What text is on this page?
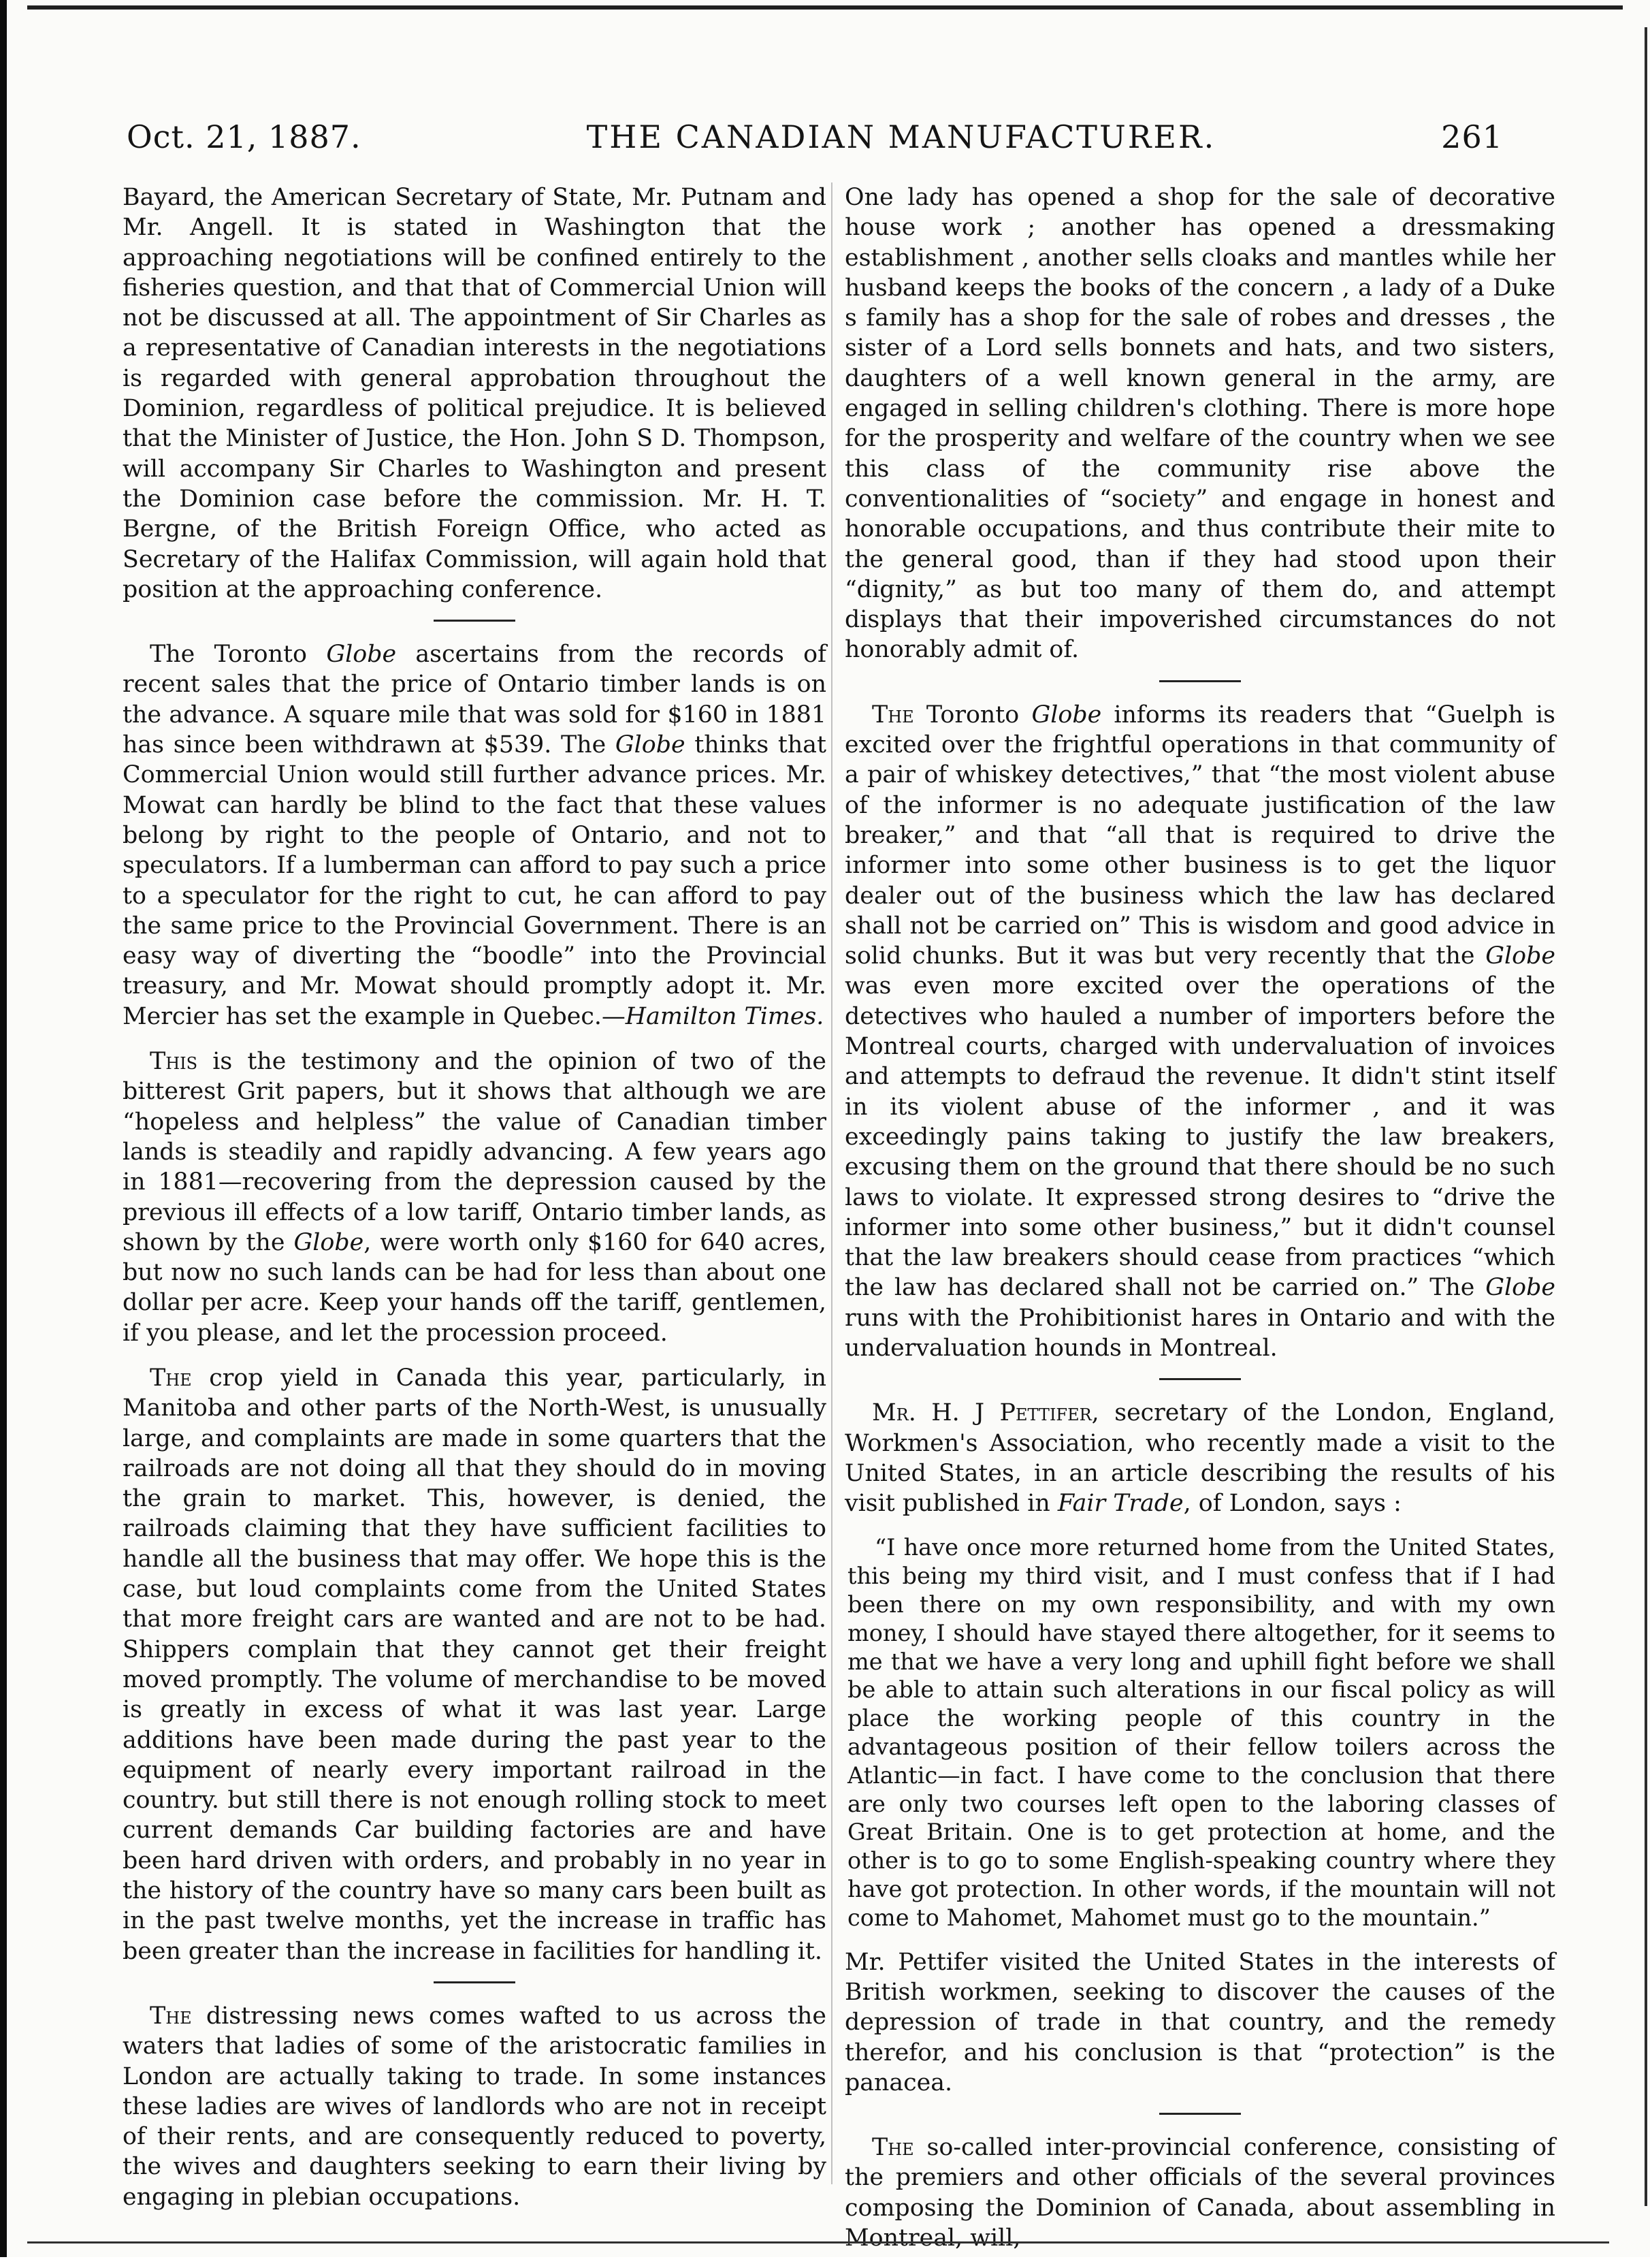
Oct. 21, 1887.	THE CANADIAN MANUFACTURER.	261

Bayard, the American Secretary of State, Mr. Putnam and Mr. Angell. It is stated in Washington that the approaching negotiations will be confined entirely to the fisheries question, and that that of Commercial Union will not be discussed at all. The appointment of Sir Charles as a representative of Canadian interests in the negotiations is regarded with general approbation throughout the Dominion, regardless of political prejudice. It is believed that the Minister of Justice, the Hon. John S D. Thompson, will accompany Sir Charles to Washington and present the Dominion case before the commission. Mr. H. T. Bergne, of the British Foreign Office, who acted as Secretary of the Halifax Commission, will again hold that position at the approaching conference.

The Toronto Globe ascertains from the records of recent sales that the price of Ontario timber lands is on the advance. A square mile that was sold for $160 in 1881 has since been withdrawn at $539. The Globe thinks that Commercial Union would still further advance prices. Mr. Mowat can hardly be blind to the fact that these values belong by right to the people of Ontario, and not to speculators. If a lumberman can afford to pay such a price to a speculator for the right to cut, he can afford to pay the same price to the Provincial Government. There is an easy way of diverting the “boodle” into the Provincial treasury, and Mr. Mowat should promptly adopt it. Mr. Mercier has set the example in Quebec.—Hamilton Times.

This is the testimony and the opinion of two of the bitterest Grit papers, but it shows that although we are “hopeless and helpless” the value of Canadian timber lands is steadily and rapidly advancing. A few years ago in 1881—recovering from the depression caused by the previous ill effects of a low tariff, Ontario timber lands, as shown by the Globe, were worth only $160 for 640 acres, but now no such lands can be had for less than about one dollar per acre. Keep your hands off the tariff, gentlemen, if you please, and let the procession proceed.

The crop yield in Canada this year, particularly, in Manitoba and other parts of the North-West, is unusually large, and complaints are made in some quarters that the railroads are not doing all that they should do in moving the grain to market. This, however, is denied, the railroads claiming that they have sufficient facilities to handle all the business that may offer. We hope this is the case, but loud complaints come from the United States that more freight cars are wanted and are not to be had. Shippers complain that they cannot get their freight moved promptly. The volume of merchandise to be moved is greatly in excess of what it was last year. Large additions have been made during the past year to the equipment of nearly every important railroad in the country. but still there is not enough rolling stock to meet current demands Car building factories are and have been hard driven with orders, and probably in no year in the history of the country have so many cars been built as in the past twelve months, yet the increase in traffic has been greater than the increase in facilities for handling it.

The distressing news comes wafted to us across the waters that ladies of some of the aristocratic families in London are actually taking to trade. In some instances these ladies are wives of landlords who are not in receipt of their rents, and are consequently reduced to poverty, the wives and daughters seeking to earn their living by engaging in plebian occupations.

One lady has opened a shop for the sale of decorative house work ; another has opened a dressmaking establishment , another sells cloaks and mantles while her husband keeps the books of the concern , a lady of a Duke s family has a shop for the sale of robes and dresses , the sister of a Lord sells bonnets and hats, and two sisters, daughters of a well known general in the army, are engaged in selling children's clothing. There is more hope for the prosperity and welfare of the country when we see this class of the community rise above the conventionalities of “society” and engage in honest and honorable occupations, and thus contribute their mite to the general good, than if they had stood upon their “dignity,” as but too many of them do, and attempt displays that their impoverished circumstances do not honorably admit of.

The Toronto Globe informs its readers that “Guelph is excited over the frightful operations in that community of a pair of whiskey detectives,” that “the most violent abuse of the informer is no adequate justification of the law breaker,” and that “all that is required to drive the informer into some other business is to get the liquor dealer out of the business which the law has declared shall not be carried on” This is wisdom and good advice in solid chunks. But it was but very recently that the Globe was even more excited over the operations of the detectives who hauled a number of importers before the Montreal courts, charged with undervaluation of invoices and attempts to defraud the revenue. It didn't stint itself in its violent abuse of the informer , and it was exceedingly pains taking to justify the law breakers, excusing them on the ground that there should be no such laws to violate. It expressed strong desires to “drive the informer into some other business,” but it didn't counsel that the law breakers should cease from practices “which the law has declared shall not be carried on.” The Globe runs with the Prohibitionist hares in Ontario and with the undervaluation hounds in Montreal.

Mr. H. J Pettifer, secretary of the London, England, Workmen's Association, who recently made a visit to the United States, in an article describing the results of his visit published in Fair Trade, of London, says :

“I have once more returned home from the United States, this being my third visit, and I must confess that if I had been there on my own responsibility, and with my own money, I should have stayed there altogether, for it seems to me that we have a very long and uphill fight before we shall be able to attain such alterations in our fiscal policy as will place the working people of this country in the advantageous position of their fellow toilers across the Atlantic—in fact. I have come to the conclusion that there are only two courses left open to the laboring classes of Great Britain. One is to get protection at home, and the other is to go to some English-speaking country where they have got protection. In other words, if the mountain will not come to Mahomet, Mahomet must go to the mountain.”

Mr. Pettifer visited the United States in the interests of British workmen, seeking to discover the causes of the depression of trade in that country, and the remedy therefor, and his conclusion is that “protection” is the panacea.

The so-called inter-provincial conference, consisting of the premiers and other officials of the several provinces composing the Dominion of Canada, about assembling in Montreal, will,
